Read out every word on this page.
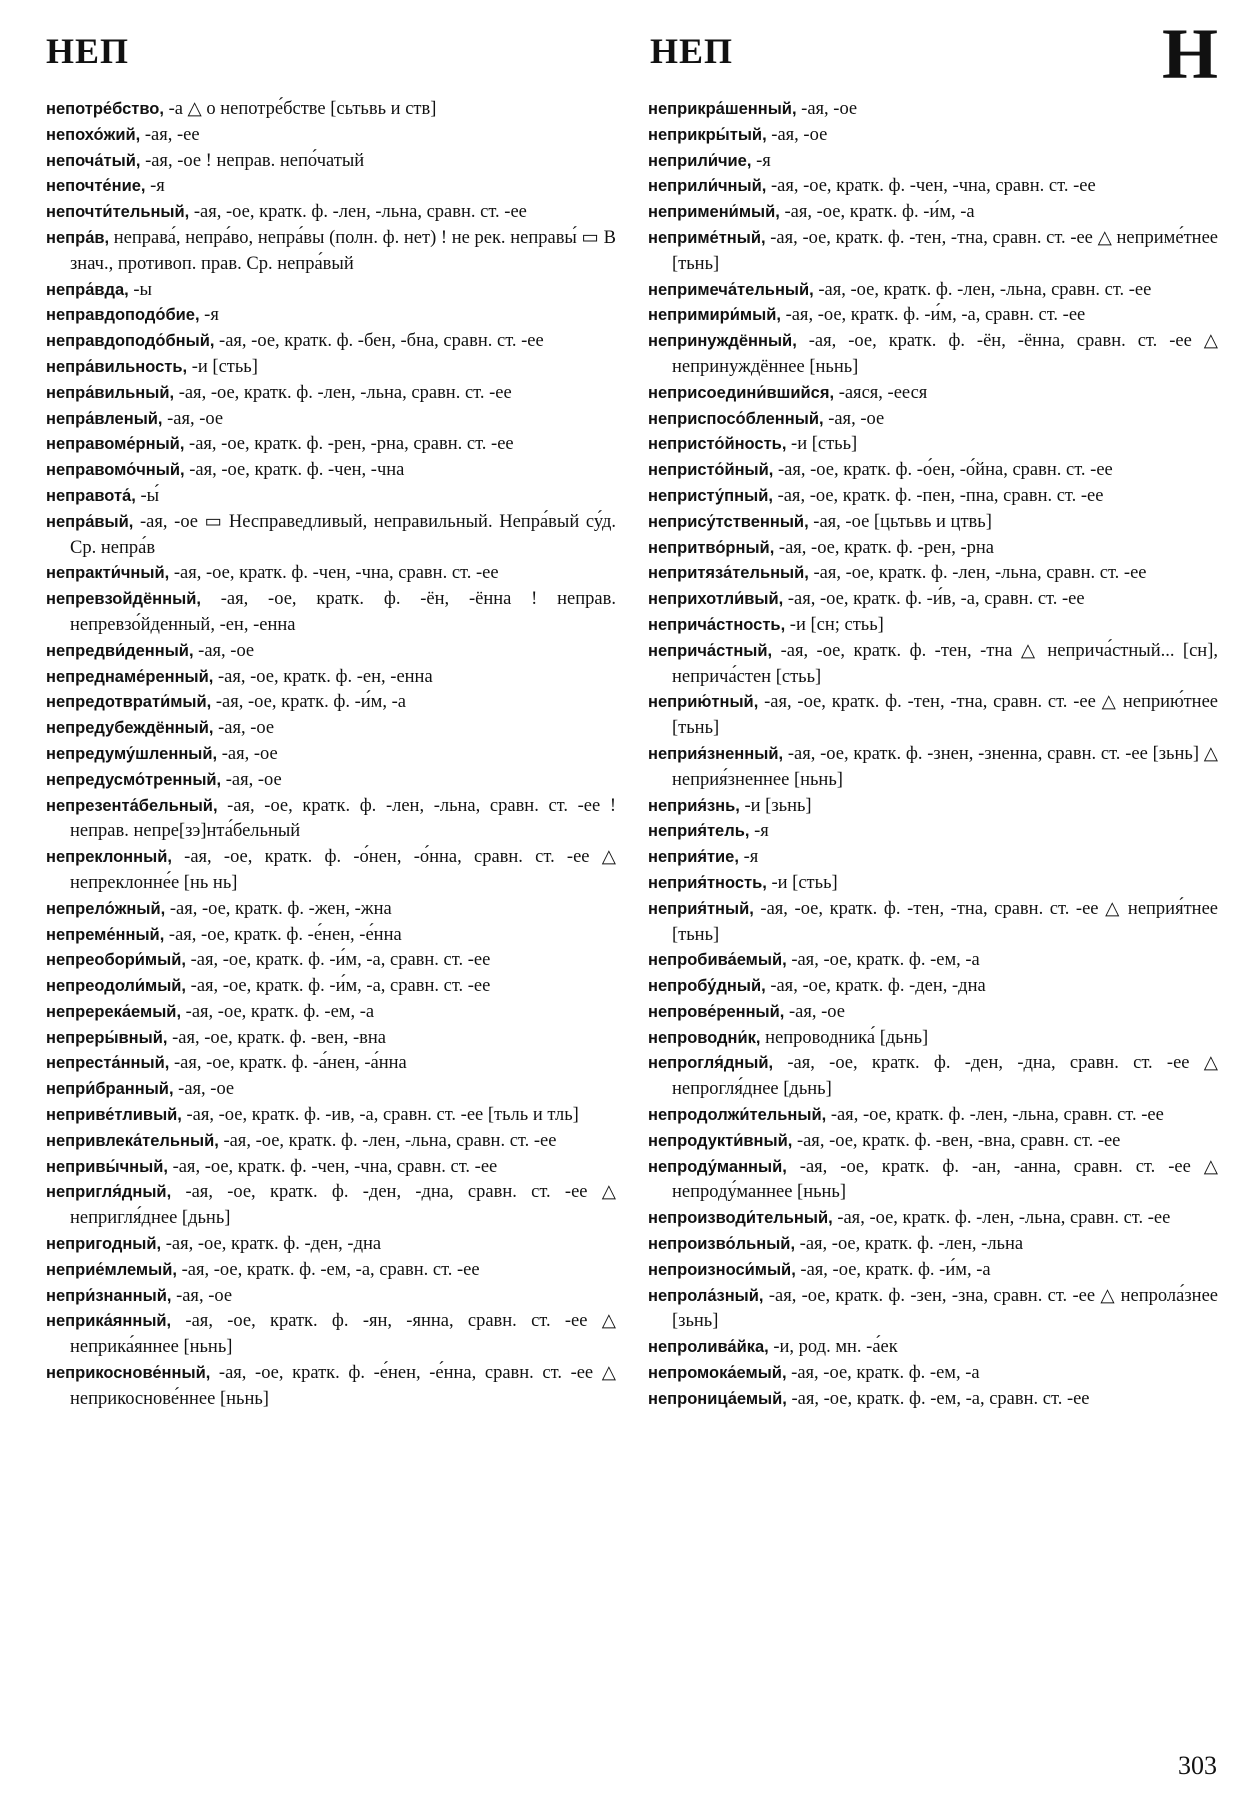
НЕП	НЕП	Н

непотре́бство, -а △ о непотре́бстве [сьтьвь и ств]

непохо́жий, -ая, -ее

непоча́тый, -ая, -ое ! неправ. непо́чатый

непочте́ние, -я

непочти́тельный, -ая, -ое, кратк. ф. -лен, -льна, сравн. ст. -ее

непра́в, неправа́, непра́во, непра́вы (полн. ф. нет) ! не рек. неправы́ ▭ В знач., противоп. прав. Ср. непра́вый

непра́вда, -ы

неправдоподо́бие, -я

неправдоподо́бный, -ая, -ое, кратк. ф. -бен, -бна, сравн. ст. -ее

непра́вильность, -и [стьь]

непра́вильный, -ая, -ое, кратк. ф. -лен, -льна, сравн. ст. -ее

непра́вленый, -ая, -ое

неправоме́рный, -ая, -ое, кратк. ф. -рен, -рна, сравн. ст. -ее

неправомо́чный, -ая, -ое, кратк. ф. -чен, -чна

неправота́, -ы́

непра́вый, -ая, -ое ▭ Несправедливый, неправильный. Непра́вый су́д. Ср. непра́в

непракти́чный, -ая, -ое, кратк. ф. -чен, -чна, сравн. ст. -ее

непревзойдённый, -ая, -ое, кратк. ф. -ён, -ённа ! неправ. непревзо́йденный, -ен, -енна

непредви́денный, -ая, -ое

непреднаме́ренный, -ая, -ое, кратк. ф. -ен, -енна

непредотврати́мый, -ая, -ое, кратк. ф. -и́м, -а

непредубеждённый, -ая, -ое

непредуму́шленный, -ая, -ое

непредусмо́тренный, -ая, -ое

непрезента́бельный, -ая, -ое, кратк. ф. -лен, -льна, сравн. ст. -ее ! неправ. непре[зэ]нта́бельный

непреклонный, -ая, -ое, кратк. ф. -о́нен, -о́нна, сравн. ст. -ее △ непреклонне́е [нь нь]

непрело́жный, -ая, -ое, кратк. ф. -жен, -жна

непреме́нный, -ая, -ое, кратк. ф. -е́нен, -е́нна

непреобори́мый, -ая, -ое, кратк. ф. -и́м, -а, сравн. ст. -ее

непреодоли́мый, -ая, -ое, кратк. ф. -и́м, -а, сравн. ст. -ее

непререка́емый, -ая, -ое, кратк. ф. -ем, -а

непреры́вный, -ая, -ое, кратк. ф. -вен, -вна

непреста́нный, -ая, -ое, кратк. ф. -а́нен, -а́нна

непри́бранный, -ая, -ое

неприве́тливый, -ая, -ое, кратк. ф. -ив, -а, сравн. ст. -ее [тьль и тль]

непривлека́тельный, -ая, -ое, кратк. ф. -лен, -льна, сравн. ст. -ее

непривы́чный, -ая, -ое, кратк. ф. -чен, -чна, сравн. ст. -ее

непригля́дный, -ая, -ое, кратк. ф. -ден, -дна, сравн. ст. -ее △ непригля́днее [дьнь]

непригодный, -ая, -ое, кратк. ф. -ден, -дна

неприе́млемый, -ая, -ое, кратк. ф. -ем, -а, сравн. ст. -ее

непри́знанный, -ая, -ое

неприка́янный, -ая, -ое, кратк. ф. -ян, -янна, сравн. ст. -ее △ неприка́яннее [ньнь]

неприкоснове́нный, -ая, -ое, кратк. ф. -е́нен, -е́нна, сравн. ст. -ее △ неприкоснове́ннее [ньнь]

неприкра́шенный, -ая, -ое

неприкры́тый, -ая, -ое

неприли́чие, -я

неприли́чный, -ая, -ое, кратк. ф. -чен, -чна, сравн. ст. -ее

непримени́мый, -ая, -ое, кратк. ф. -и́м, -а

неприме́тный, -ая, -ое, кратк. ф. -тен, -тна, сравн. ст. -ее △ неприме́тнее [тьнь]

непримеча́тельный, -ая, -ое, кратк. ф. -лен, -льна, сравн. ст. -ее

непримири́мый, -ая, -ое, кратк. ф. -и́м, -а, сравн. ст. -ее

непринуждённый, -ая, -ое, кратк. ф. -ён, -ённа, сравн. ст. -ее △ непринуждённее [ньнь]

неприсоедини́вшийся, -аяся, -ееся

неприспосо́бленный, -ая, -ое

непристо́йность, -и [стьь]

непристо́йный, -ая, -ое, кратк. ф. -о́ен, -о́йна, сравн. ст. -ее

непристу́пный, -ая, -ое, кратк. ф. -пен, -пна, сравн. ст. -ее

непрису́тственный, -ая, -ое [цьтьвь и цтвь]

непритво́рный, -ая, -ое, кратк. ф. -рен, -рна

непритяза́тельный, -ая, -ое, кратк. ф. -лен, -льна, сравн. ст. -ее

неприхотли́вый, -ая, -ое, кратк. ф. -и́в, -а, сравн. ст. -ее

неприча́стность, -и [сн; стьь]

неприча́стный, -ая, -ое, кратк. ф. -тен, -тна △ неприча́стный... [сн], неприча́стен [стьь]

неприю́тный, -ая, -ое, кратк. ф. -тен, -тна, сравн. ст. -ее △ неприю́тнее [тьнь]

неприя́зненный, -ая, -ое, кратк. ф. -знен, -зненна, сравн. ст. -ее [зьнь] △ неприя́зненнее [ньнь]

неприя́знь, -и [зьнь]

неприя́тель, -я

неприя́тие, -я

неприя́тность, -и [стьь]

неприя́тный, -ая, -ое, кратк. ф. -тен, -тна, сравн. ст. -ее △ неприя́тнее [тьнь]

непробива́емый, -ая, -ое, кратк. ф. -ем, -а

непробу́дный, -ая, -ое, кратк. ф. -ден, -дна

непрове́ренный, -ая, -ое

непроводни́к, непроводника́ [дьнь]

непрогля́дный, -ая, -ое, кратк. ф. -ден, -дна, сравн. ст. -ее △ непрогля́днее [дьнь]

непродолжи́тельный, -ая, -ое, кратк. ф. -лен, -льна, сравн. ст. -ее

непродукти́вный, -ая, -ое, кратк. ф. -вен, -вна, сравн. ст. -ее

непроду́манный, -ая, -ое, кратк. ф. -ан, -анна, сравн. ст. -ее △ непроду́маннее [ньнь]

непроизводи́тельный, -ая, -ое, кратк. ф. -лен, -льна, сравн. ст. -ее

непроизво́льный, -ая, -ое, кратк. ф. -лен, -льна

непроизноси́мый, -ая, -ое, кратк. ф. -и́м, -а

непрола́зный, -ая, -ое, кратк. ф. -зен, -зна, сравн. ст. -ее △ непрола́знее [зьнь]

непролива́йка, -и, род. мн. -а́ек

непромока́емый, -ая, -ое, кратк. ф. -ем, -а

непроница́емый, -ая, -ое, кратк. ф. -ем, -а, сравн. ст. -ее

303
